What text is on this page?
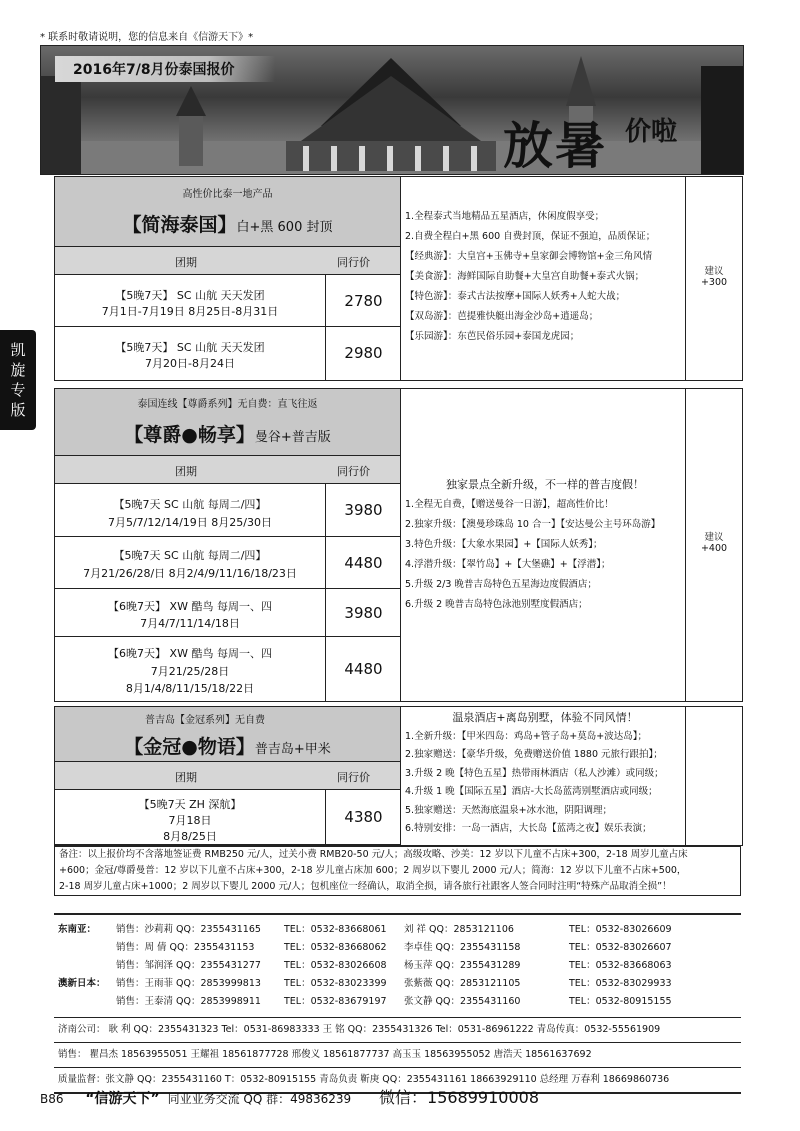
* 联系时敬请说明，您的信息来自《信游天下》*
2016年7/8月份泰国报价
放暑 价啦
凯
旋
专
版
高性价比泰一地产品
【简海泰国】白+黑 600 封顶
团期	同行价
【5晚7天】 SC 山航 天天发团
7月1日-7月19日 8月25日-8月31日
2780
【5晚7天】 SC 山航 天天发团
7月20日-8月24日
2980
1.全程泰式当地精品五星酒店，休闲度假享受；
2.自费全程白+黑 600 自费封顶，保证不强迫，品质保证；
【经典游】：大皇宫+玉佛寺+皇家御会博物馆+金三角风情
【美食游】：海鲜国际自助餐+大皇宫自助餐+泰式火锅；
【特色游】：泰式古法按摩+国际人妖秀+人蛇大战；
【双岛游】：芭提雅快艇出海金沙岛+逍遥岛；
【乐园游】：东芭民俗乐园+泰国龙虎园；
建议
+300
泰国连线【尊爵系列】无自费：直飞往返
【尊爵●畅享】曼谷+普吉版
团期	同行价
【5晚7天 SC 山航 每周二/四】
7月5/7/12/14/19日 8月25/30日
3980
【5晚7天 SC 山航 每周二/四】
7月21/26/28/日 8月2/4/9/11/16/18/23日
4480
【6晚7天】 XW 酷鸟 每周一、四
7月4/7/11/14/18日
3980
【6晚7天】 XW 酷鸟 每周一、四
7月21/25/28日
8月1/4/8/11/15/18/22日
4480
独家景点全新升级，不一样的普吉度假！
1.全程无自费，【赠送曼谷一日游】，超高性价比！
2.独家升级：【澳曼珍珠岛 10 合一】【安达曼公主号环岛游】
3.特色升级：【大象水果园】+【国际人妖秀】；
4.浮潜升级：【翠竹岛】+【大堡礁】+【浮潜】；
5.升级 2/3 晚普吉岛特色五星海边度假酒店；
6.升级 2 晚普吉岛特色泳池别墅度假酒店；
建议
+400
普吉岛【金冠系列】无自费
【金冠●物语】普吉岛+甲米
团期	同行价
【5晚7天 ZH 深航】
7月18日
8月8/25日
4380
温泉酒店+离岛别墅，体验不同风情！
1.全新升级：【甲米四岛：鸡岛+管子岛+莫岛+波达岛】；
2.独家赠送：【豪华升级，免费赠送价值 1880 元旅行跟拍】；
3.升级 2 晚【特色五星】热带雨林酒店（私人沙滩）或同级；
4.升级 1 晚【国际五星】酒店-大长岛蓝湾别墅酒店或同级；
5.独家赠送：天然海底温泉+冰水池，阴阳调理；
6.特别安排：一岛一酒店，大长岛【蓝湾之夜】娱乐表演；
备注：以上报价均不含落地签证费 RMB250 元/人，过关小费 RMB20-50 元/人；高级攻略、沙美：12 岁以下儿童不占床+300，2-18 周岁儿童占床
+600；金冠/尊爵曼普：12 岁以下儿童不占床+300，2-18 岁儿童占床加 600；2 周岁以下婴儿 2000 元/人；简海：12 岁以下儿童不占床+500，
2-18 周岁儿童占床+1000；2 周岁以下婴儿 2000 元/人；包机座位一经确认，取消全损，请各旅行社跟客人签合同时注明“特殊产品取消全损”！
东南亚： 销售：沙莉莉 QQ：2355431165 TEL：0532-83668061 刘 祥 QQ：2853121106	TEL：0532-83026609
销售：周 倩 QQ：2355431153	TEL：0532-83668062 李卓佳 QQ：2355431158	TEL：0532-83026607
销售：邹润泽 QQ：2355431277 TEL：0532-83026608 杨玉萍 QQ：2355431289	TEL：0532-83668063
澳新日本： 销售：王雨菲 QQ：2853999813 TEL：0532-83023399 张紫薇 QQ：2853121105	TEL：0532-83029933
销售：王泰清 QQ：2853998911 TEL：0532-83679197 张文静 QQ：2355431160	TEL：0532-80915155
济南公司： 耿 利 QQ：2355431323 Tel：0531-86983333 王 铭 QQ：2355431326 Tel：0531-86961222 青岛传真：0532-55561909
销售： 瞿昌杰 18563955051 王耀祖 18561877728 邢俊义 18561877737 高玉玉 18563955052 唐浩天 18561637692
质量监督：张文静 QQ：2355431160 T：0532-80915155 青岛负责 靳庚 QQ：2355431161 18663929110 总经理 万春利 18669860736
B86 “信游天下” 同业业务交流 QQ 群：49836239 微信：15689910008
